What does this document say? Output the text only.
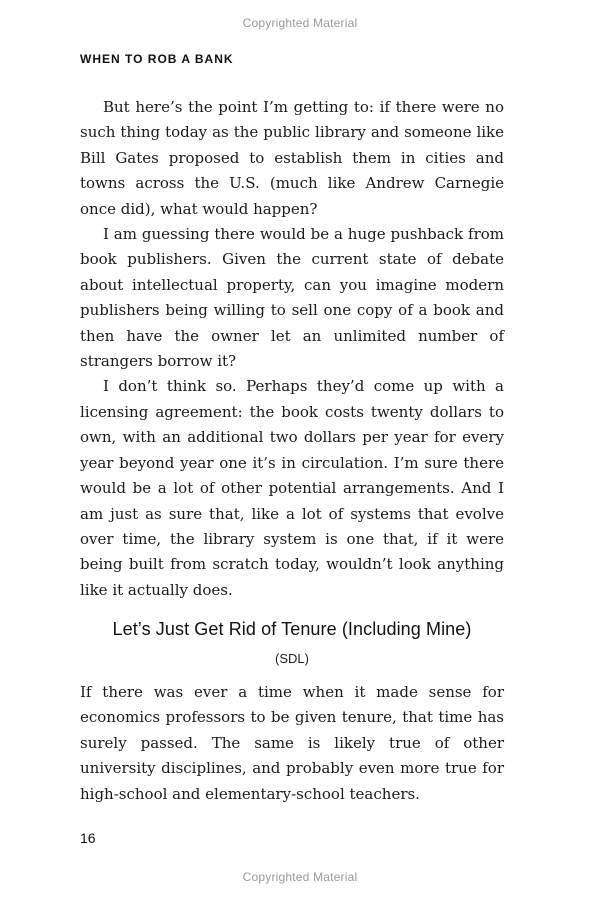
Copyrighted Material
WHEN TO ROB A BANK

But here’s the point I’m getting to: if there were no such thing today as the public library and someone like Bill Gates proposed to establish them in cities and towns across the U.S. (much like Andrew Carnegie once did), what would happen?

I am guessing there would be a huge pushback from book publishers. Given the current state of debate about intellectual property, can you imagine modern publishers being willing to sell one copy of a book and then have the owner let an unlimited number of strangers borrow it?

I don’t think so. Perhaps they’d come up with a licensing agreement: the book costs twenty dollars to own, with an additional two dollars per year for every year beyond year one it’s in circulation. I’m sure there would be a lot of other potential arrangements. And I am just as sure that, like a lot of systems that evolve over time, the library system is one that, if it were being built from scratch today, wouldn’t look anything like it actually does.

Let’s Just Get Rid of Tenure (Including Mine)
(SDL)

If there was ever a time when it made sense for economics professors to be given tenure, that time has surely passed. The same is likely true of other university disciplines, and probably even more true for high-school and elementary-school teachers.

16
Copyrighted Material
